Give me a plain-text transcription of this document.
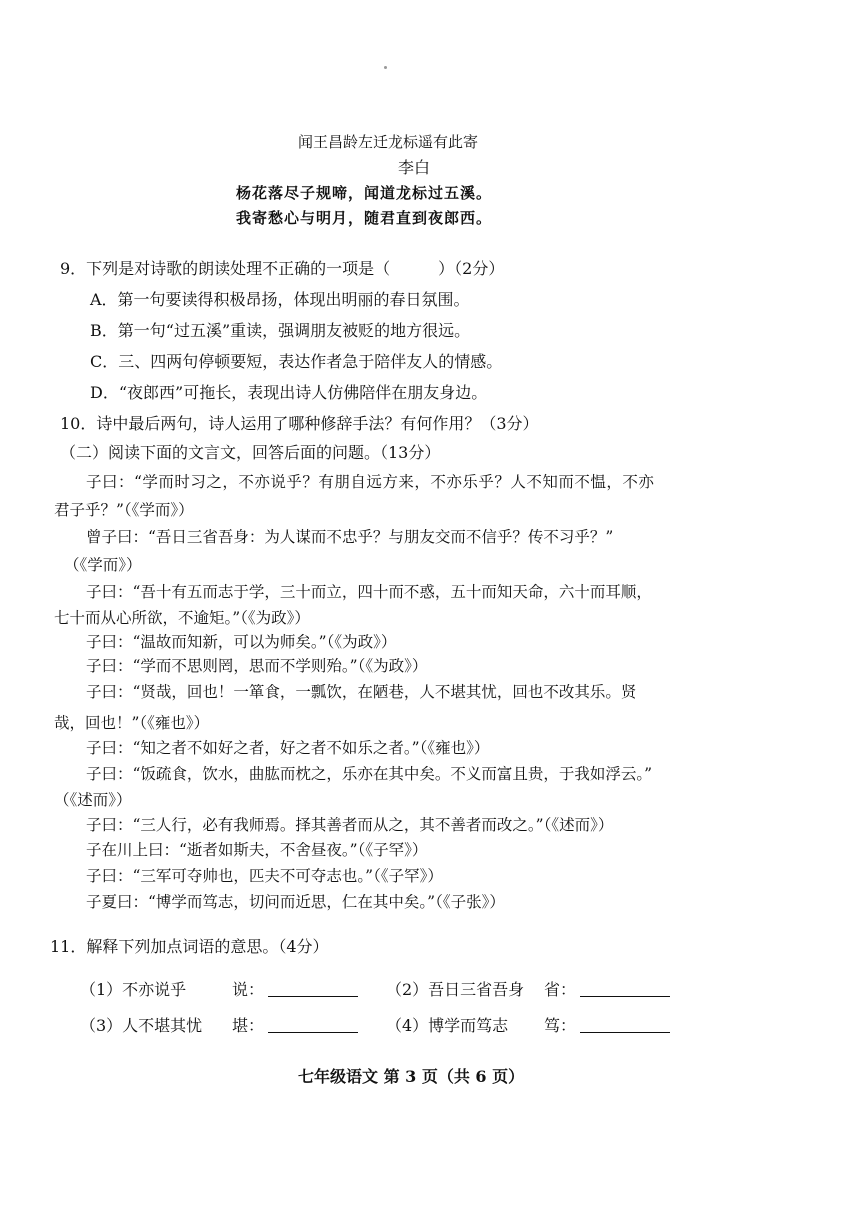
闻王昌龄左迁龙标遥有此寄
李白
杨花落尽子规啼，闻道龙标过五溪。
我寄愁心与明月，随君直到夜郎西。
9．下列是对诗歌的朗读处理不正确的一项是（　　　）（2分）
A．第一句要读得积极昂扬，体现出明丽的春日氛围。
B．第一句“过五溪”重读，强调朋友被贬的地方很远。
C．三、四两句停顿要短，表达作者急于陪伴友人的情感。
D．“夜郎西”可拖长，表现出诗人仿佛陪伴在朋友身边。
10．诗中最后两句，诗人运用了哪种修辞手法？有何作用？（3分）
（二）阅读下面的文言文，回答后面的问题。（13分）
子曰：“学而时习之，不亦说乎？有朋自远方来，不亦乐乎？人不知而不愠，不亦
君子乎？”（《学而》）
曾子曰：“吾日三省吾身：为人谋而不忠乎？与朋友交而不信乎？传不习乎？”
（《学而》）
子曰：“吾十有五而志于学，三十而立，四十而不惑，五十而知天命，六十而耳顺，
七十而从心所欲，不逾矩。”（《为政》）
子曰：“温故而知新，可以为师矣。”（《为政》）
子曰：“学而不思则罔，思而不学则殆。”（《为政》）
子曰：“贤哉，回也！一箪食，一瓢饮，在陋巷，人不堪其忧，回也不改其乐。贤
哉，回也！”（《雍也》）
子曰：“知之者不如好之者，好之者不如乐之者。”（《雍也》）
子曰：“饭疏食，饮水，曲肱而枕之，乐亦在其中矣。不义而富且贵，于我如浮云。”
（《述而》）
子曰：“三人行，必有我师焉。择其善者而从之，其不善者而改之。”（《述而》）
子在川上曰：“逝者如斯夫，不舍昼夜。”（《子罕》）
子曰：“三军可夺帅也，匹夫不可夺志也。”（《子罕》）
子夏曰：“博学而笃志，切问而近思，仁在其中矣。”（《子张》）
11．解释下列加点词语的意思。（4分）
（1）不亦说乎	说：	（2）吾日三省吾身 省：
（3）人不堪其忧 堪：	（4）博学而笃志 笃：
七年级语文 第 3 页（共 6 页）
